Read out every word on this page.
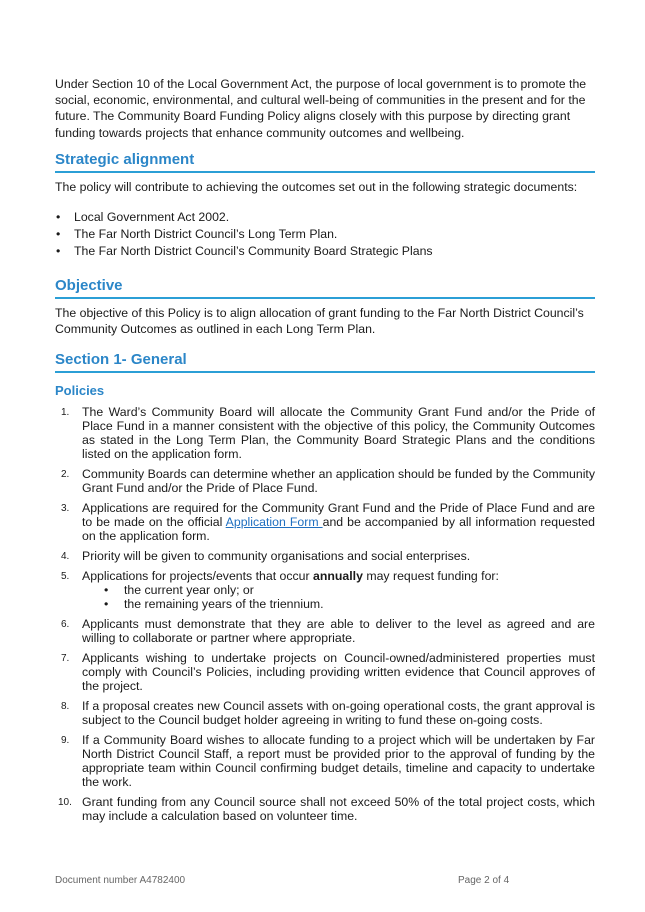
Under Section 10 of the Local Government Act, the purpose of local government is to promote the social, economic, environmental, and cultural well-being of communities in the present and for the future. The Community Board Funding Policy aligns closely with this purpose by directing grant funding towards projects that enhance community outcomes and wellbeing.

Strategic alignment

The policy will contribute to achieving the outcomes set out in the following strategic documents:

• Local Government Act 2002.
• The Far North District Council’s Long Term Plan.
• The Far North District Council’s Community Board Strategic Plans
Objective

The objective of this Policy is to align allocation of grant funding to the Far North District Council’s Community Outcomes as outlined in each Long Term Plan.

Section 1- General
Policies
1. The Ward’s Community Board will allocate the Community Grant Fund and/or the Pride of Place Fund in a manner consistent with the objective of this policy, the Community Outcomes as stated in the Long Term Plan, the Community Board Strategic Plans and the conditions listed on the application form.
2. Community Boards can determine whether an application should be funded by the Community Grant Fund and/or the Pride of Place Fund.
3. Applications are required for the Community Grant Fund and the Pride of Place Fund and are to be made on the official Application Form and be accompanied by all information requested on the application form.
4. Priority will be given to community organisations and social enterprises.
5. Applications for projects/events that occur annually may request funding for:
• the current year only; or
• the remaining years of the triennium.
6. Applicants must demonstrate that they are able to deliver to the level as agreed and are willing to collaborate or partner where appropriate.
7. Applicants wishing to undertake projects on Council-owned/administered properties must comply with Council’s Policies, including providing written evidence that Council approves of the project.
8. If a proposal creates new Council assets with on-going operational costs, the grant approval is subject to the Council budget holder agreeing in writing to fund these on-going costs.
9. If a Community Board wishes to allocate funding to a project which will be undertaken by Far North District Council Staff, a report must be provided prior to the approval of funding by the appropriate team within Council confirming budget details, timeline and capacity to undertake the work.
10. Grant funding from any Council source shall not exceed 50% of the total project costs, which may include a calculation based on volunteer time.
Document number A4782400	Page 2 of 4
